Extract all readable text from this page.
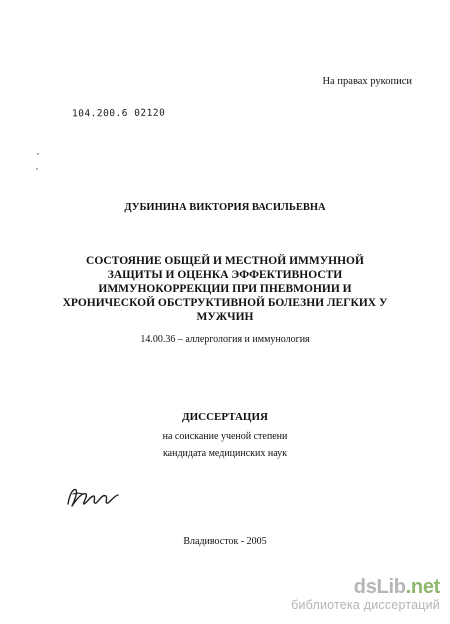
На правах рукописи
104.200.6 02120
ДУБИНИНА ВИКТОРИЯ ВАСИЛЬЕВНА
СОСТОЯНИЕ ОБЩЕЙ И МЕСТНОЙ ИММУННОЙ
ЗАЩИТЫ И ОЦЕНКА ЭФФЕКТИВНОСТИ
ИММУНОКОРРЕКЦИИ ПРИ ПНЕВМОНИИ И
ХРОНИЧЕСКОЙ ОБСТРУКТИВНОЙ БОЛЕЗНИ ЛЕГКИХ У
МУЖЧИН
14.00.36 – аллергология и иммунология
ДИССЕРТАЦИЯ
на соискание ученой степени
кандидата медицинских наук
Владивосток - 2005
dsLib.net
библиотека диссертаций
